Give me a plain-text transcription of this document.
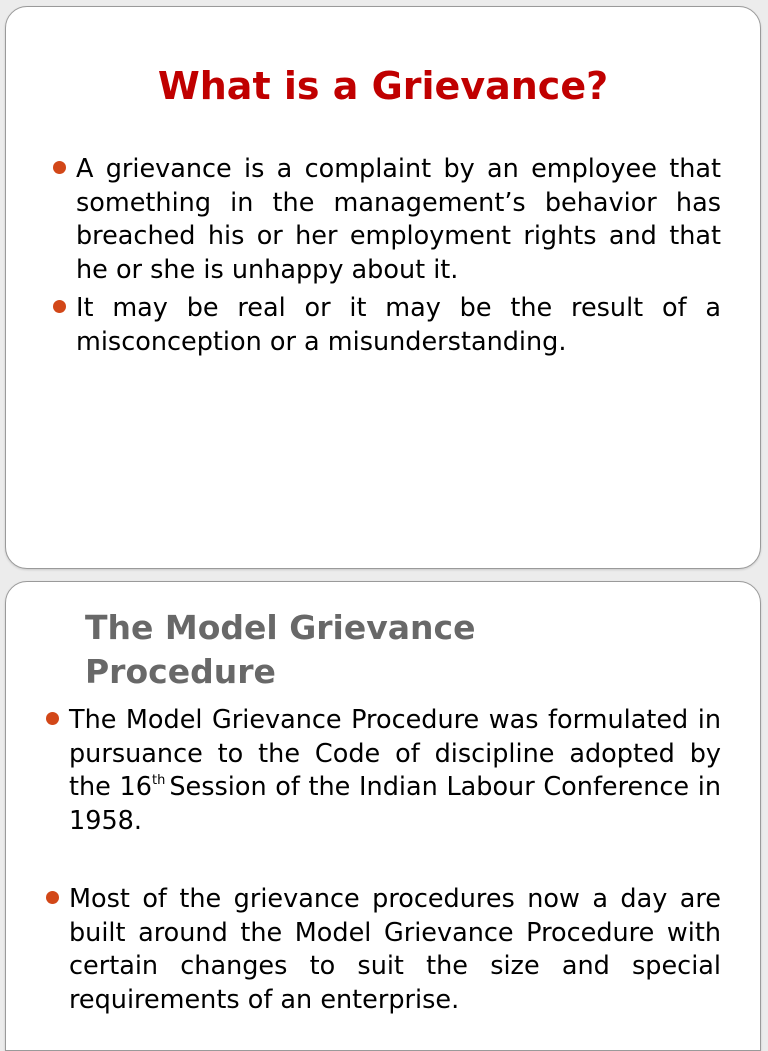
What is a Grievance?
A grievance is a complaint by an employee that something in the management’s behavior has breached his or her employment rights and that he or she is unhappy about it.
It may be real or it may be the result of a misconception or a misunderstanding.
The Model Grievance Procedure
The Model Grievance Procedure was formulated in pursuance to the Code of discipline adopted by the 16th Session of the Indian Labour Conference in 1958.
Most of the grievance procedures now a day are built around the Model Grievance Procedure with certain changes to suit the size and special requirements of an enterprise.
